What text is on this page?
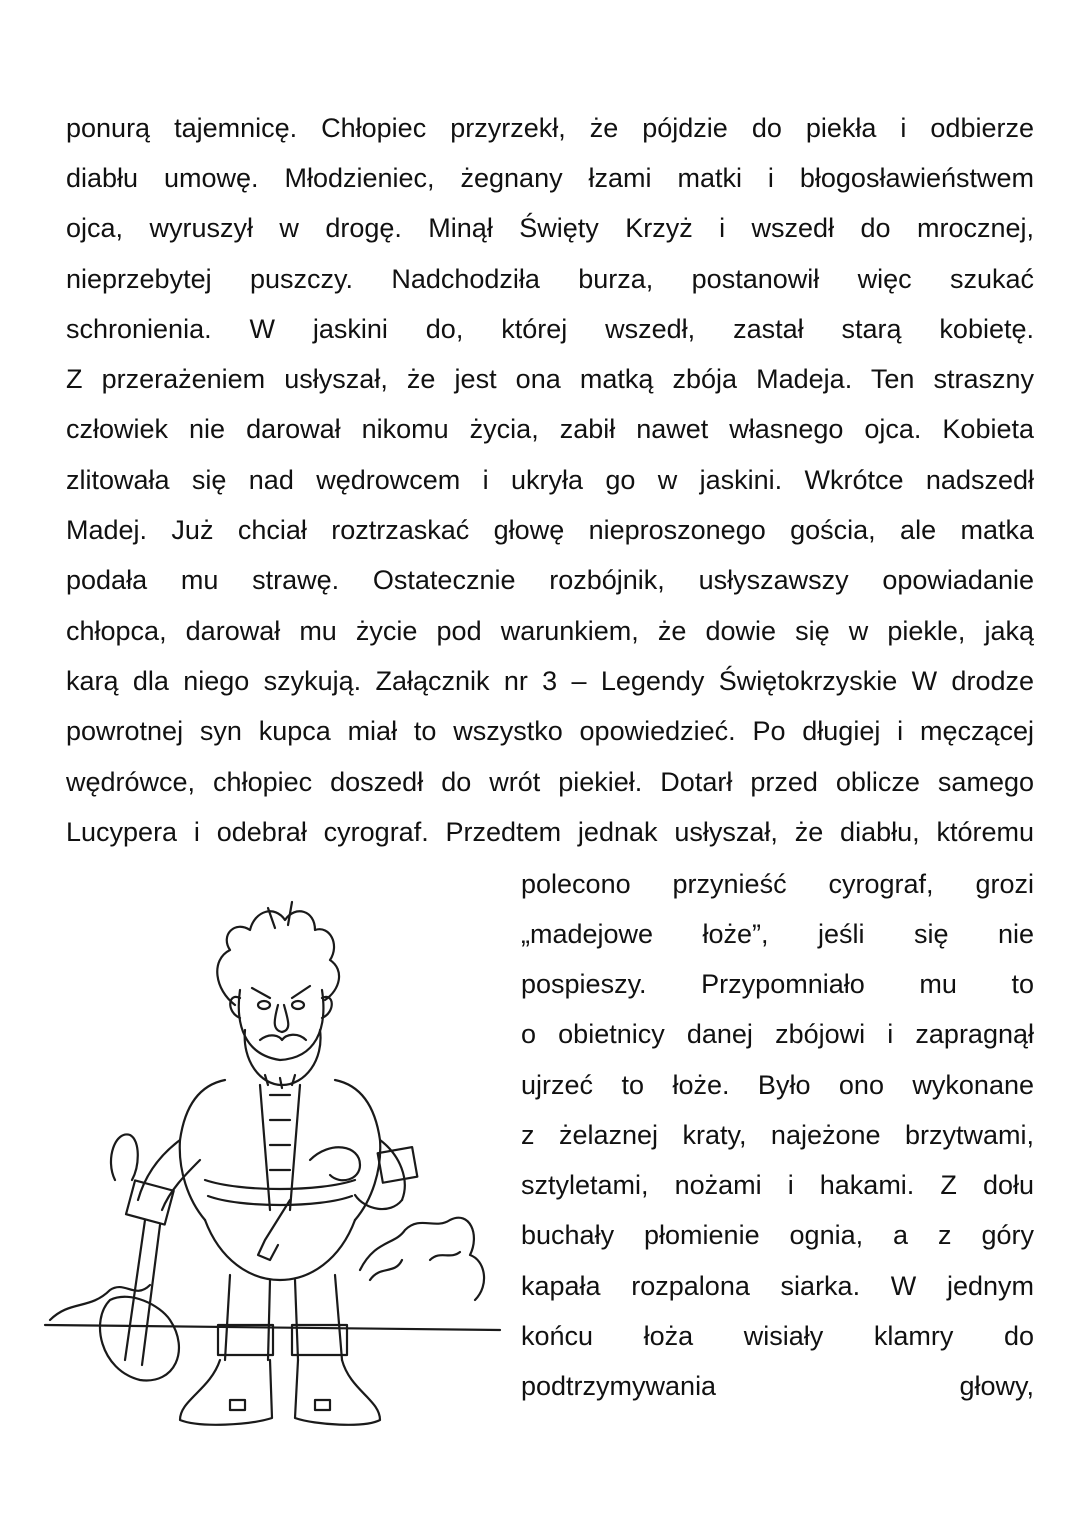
ponurą tajemnicę. Chłopiec przyrzekł, że pójdzie do piekła i odbierze
diabłu umowę. Młodzieniec, żegnany łzami matki i błogosławieństwem
ojca, wyruszył w drogę. Minął Święty Krzyż i wszedł do mrocznej,
nieprzebytej puszczy. Nadchodziła burza, postanowił więc szukać
schronienia. W jaskini do, której wszedł, zastał starą kobietę.
Z przerażeniem usłyszał, że jest ona matką zbója Madeja. Ten straszny
człowiek nie darował nikomu życia, zabił nawet własnego ojca. Kobieta
zlitowała się nad wędrowcem i ukryła go w jaskini. Wkrótce nadszedł
Madej. Już chciał roztrzaskać głowę nieproszonego gościa, ale matka
podała mu strawę. Ostatecznie rozbójnik, usłyszawszy opowiadanie
chłopca, darował mu życie pod warunkiem, że dowie się w piekle, jaką
karą dla niego szykują. Załącznik nr 3 – Legendy Świętokrzyskie W drodze
powrotnej syn kupca miał to wszystko opowiedzieć. Po długiej i męczącej
wędrówce, chłopiec doszedł do wrót piekieł. Dotarł przed oblicze samego
Lucypera i odebrał cyrograf. Przedtem jednak usłyszał, że diabłu, któremu
polecono przynieść cyrograf, grozi
„madejowe łoże”, jeśli się nie
pospieszy. Przypomniało mu to
o obietnicy danej zbójowi i zapragnął
ujrzeć to łoże. Było ono wykonane
z żelaznej kraty, najeżone brzytwami,
sztyletami, nożami i hakami. Z dołu
buchały płomienie ognia, a z góry
kapała rozpalona siarka. W jednym
końcu łoża wisiały klamry do
podtrzymywania	głowy,
